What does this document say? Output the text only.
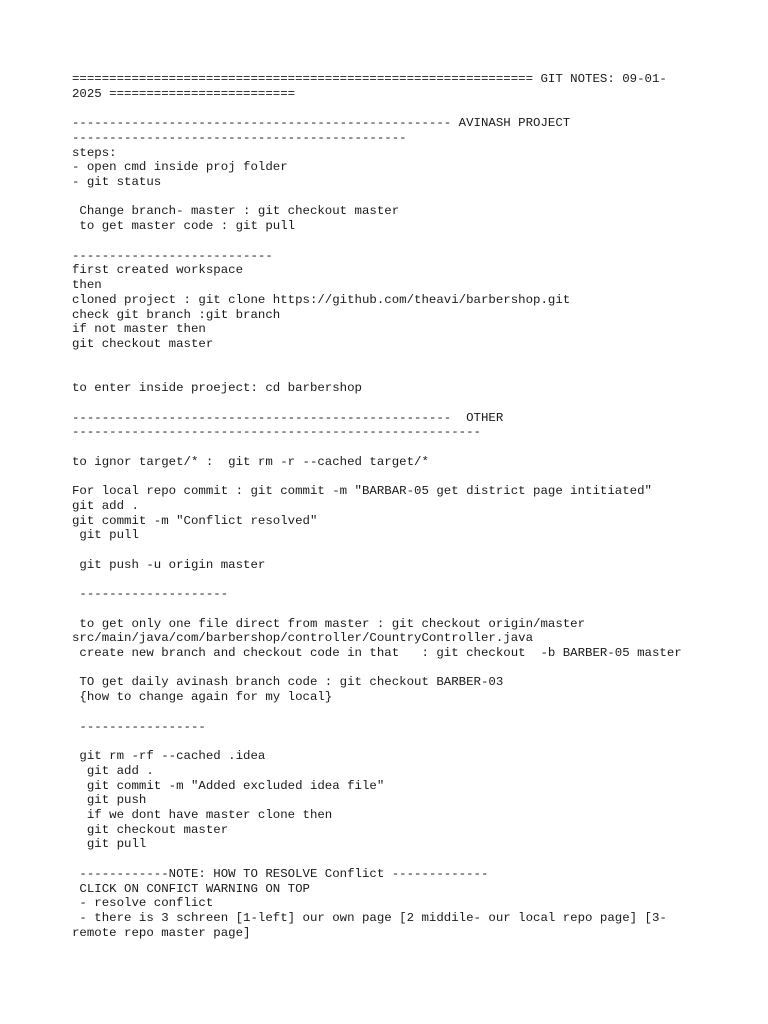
============================================================== GIT NOTES: 09-01-
2025 =========================
--------------------------------------------------- AVINASH PROJECT
---------------------------------------------
steps:
- open cmd inside proj folder
- git status
Change branch- master : git checkout master
to get master code : git pull
---------------------------
first created workspace
then
cloned project : git clone https://github.com/theavi/barbershop.git
check git branch :git branch
if not master then
git checkout master
to enter inside proeject: cd barbershop
---------------------------------------------------  OTHER
-------------------------------------------------------
to ignor target/* :  git rm -r --cached target/*
For local repo commit : git commit -m "BARBAR-05 get district page intitiated"
git add .
git commit -m "Conflict resolved"
git pull
git push -u origin master
--------------------
to get only one file direct from master : git checkout origin/master
src/main/java/com/barbershop/controller/CountryController.java
create new branch and checkout code in that   : git checkout  -b BARBER-05 master
TO get daily avinash branch code : git checkout BARBER-03
{how to change again for my local}
-----------------
git rm -rf --cached .idea
git add .
git commit -m "Added excluded idea file"
git push
if we dont have master clone then
git checkout master
git pull
------------NOTE: HOW TO RESOLVE Conflict -------------
CLICK ON CONFICT WARNING ON TOP
- resolve conflict
- there is 3 schreen [1-left] our own page [2 middile- our local repo page] [3-
remote repo master page]
